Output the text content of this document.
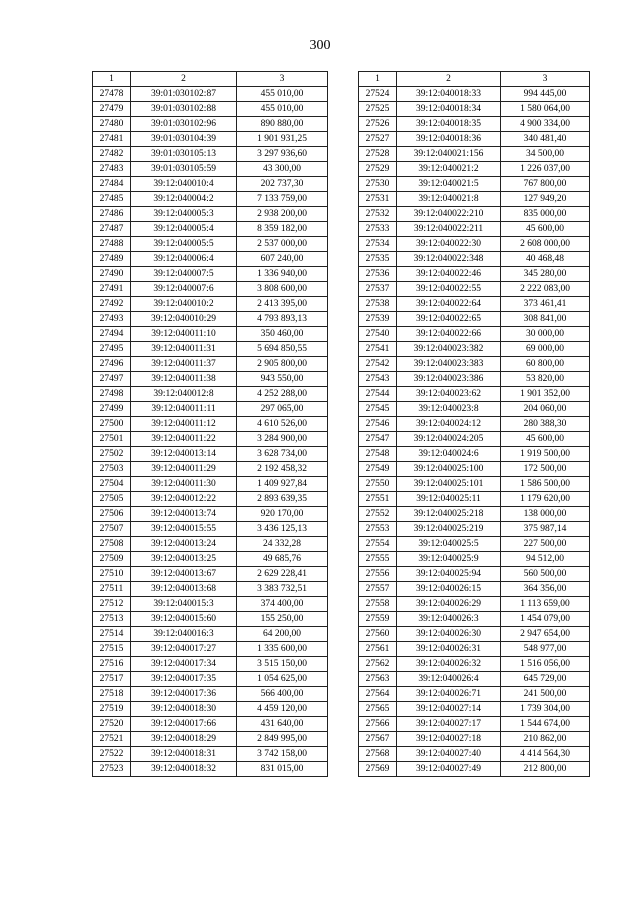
300
1	2	3
27478	39:01:030102:87	455 010,00
27479	39:01:030102:88	455 010,00
27480	39:01:030102:96	890 880,00
27481	39:01:030104:39	1 901 931,25
27482	39:01:030105:13	3 297 936,60
27483	39:01:030105:59	43 300,00
27484	39:12:040010:4	202 737,30
27485	39:12:040004:2	7 133 759,00
27486	39:12:040005:3	2 938 200,00
27487	39:12:040005:4	8 359 182,00
27488	39:12:040005:5	2 537 000,00
27489	39:12:040006:4	607 240,00
27490	39:12:040007:5	1 336 940,00
27491	39:12:040007:6	3 808 600,00
27492	39:12:040010:2	2 413 395,00
27493	39:12:040010:29	4 793 893,13
27494	39:12:040011:10	350 460,00
27495	39:12:040011:31	5 694 850,55
27496	39:12:040011:37	2 905 800,00
27497	39:12:040011:38	943 550,00
27498	39:12:040012:8	4 252 288,00
27499	39:12:040011:11	297 065,00
27500	39:12:040011:12	4 610 526,00
27501	39:12:040011:22	3 284 900,00
27502	39:12:040013:14	3 628 734,00
27503	39:12:040011:29	2 192 458,32
27504	39:12:040011:30	1 409 927,84
27505	39:12:040012:22	2 893 639,35
27506	39:12:040013:74	920 170,00
27507	39:12:040015:55	3 436 125,13
27508	39:12:040013:24	24 332,28
27509	39:12:040013:25	49 685,76
27510	39:12:040013:67	2 629 228,41
27511	39:12:040013:68	3 383 732,51
27512	39:12:040015:3	374 400,00
27513	39:12:040015:60	155 250,00
27514	39:12:040016:3	64 200,00
27515	39:12:040017:27	1 335 600,00
27516	39:12:040017:34	3 515 150,00
27517	39:12:040017:35	1 054 625,00
27518	39:12:040017:36	566 400,00
27519	39:12:040018:30	4 459 120,00
27520	39:12:040017:66	431 640,00
27521	39:12:040018:29	2 849 995,00
27522	39:12:040018:31	3 742 158,00
27523	39:12:040018:32	831 015,00
1	2	3
27524	39:12:040018:33	994 445,00
27525	39:12:040018:34	1 580 064,00
27526	39:12:040018:35	4 900 334,00
27527	39:12:040018:36	340 481,40
27528	39:12:040021:156	34 500,00
27529	39:12:040021:2	1 226 037,00
27530	39:12:040021:5	767 800,00
27531	39:12:040021:8	127 949,20
27532	39:12:040022:210	835 000,00
27533	39:12:040022:211	45 600,00
27534	39:12:040022:30	2 608 000,00
27535	39:12:040022:348	40 468,48
27536	39:12:040022:46	345 280,00
27537	39:12:040022:55	2 222 083,00
27538	39:12:040022:64	373 461,41
27539	39:12:040022:65	308 841,00
27540	39:12:040022:66	30 000,00
27541	39:12:040023:382	69 000,00
27542	39:12:040023:383	60 800,00
27543	39:12:040023:386	53 820,00
27544	39:12:040023:62	1 901 352,00
27545	39:12:040023:8	204 060,00
27546	39:12:040024:12	280 388,30
27547	39:12:040024:205	45 600,00
27548	39:12:040024:6	1 919 500,00
27549	39:12:040025:100	172 500,00
27550	39:12:040025:101	1 586 500,00
27551	39:12:040025:11	1 179 620,00
27552	39:12:040025:218	138 000,00
27553	39:12:040025:219	375 987,14
27554	39:12:040025:5	227 500,00
27555	39:12:040025:9	94 512,00
27556	39:12:040025:94	560 500,00
27557	39:12:040026:15	364 356,00
27558	39:12:040026:29	1 113 659,00
27559	39:12:040026:3	1 454 079,00
27560	39:12:040026:30	2 947 654,00
27561	39:12:040026:31	548 977,00
27562	39:12:040026:32	1 516 056,00
27563	39:12:040026:4	645 729,00
27564	39:12:040026:71	241 500,00
27565	39:12:040027:14	1 739 304,00
27566	39:12:040027:17	1 544 674,00
27567	39:12:040027:18	210 862,00
27568	39:12:040027:40	4 414 564,30
27569	39:12:040027:49	212 800,00
